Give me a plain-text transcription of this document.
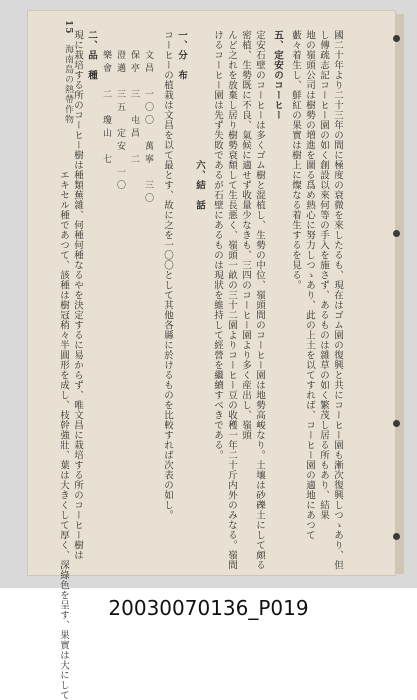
15 海南島の熱帶作物	國二十年より二十三年の間に極度の衰微を來したるも、現在はゴム園の復興と共にコーヒー園も漸次復興しつゝあり、但
し傳疏志記コーヒー園の如く創設以來何等の手入を施さず、あるものは雜草の如く繁茂し居る所もあり、結果
地の嶺頭公司は樹勢の増進を圖る爲め熱心に努力しつゝあり、此の上土を以てすれば、コーヒー園の適地にあつて
藪々着生し、鮮紅の果實は樹上に燦なる着生するを見る。
五、定安のコーヒー
定安石壁のコーヒーは多くゴム樹と混植し、生勢の中位、嶺頭間のコーヒー園は地勢高峻なり。土壤は砂礫土にして頗る
密植、生勢既に不良、氣候に適せず收量少なきも、三四のコーヒー園より多く産出し、嶺頭
んど之れを放棄し居り樹勢衰頽して生長悪く、嶺頭一畝の三十二園よりコーヒー豆の收穫一年二十斤内外のみなる。嶺間
けるコーヒー園は先ず失敗であるが石壁にあるものは現狀を維持して經營を繼續すべきである。
六、結　話
一、分　布
コーヒーの植栽は文昌を以て最とす、故に之を一〇〇として其他各縣に於けるものを比較すれば次表の如し。
文昌　一〇〇　萬寧　三〇
保亭　三　屯昌　二
澄邁　三五　定安　一〇
樂會　二　瓊山　七
二、品　種
現に栽培する所のコーヒー樹は種類蕪雜、何種何種なるやを決定するに易からず、唯文昌に栽培する所のコーヒー樹は
エキセル種であつて、該種は樹冠稍々半圓形を成し、枝幹強壯、葉は大きくして厚く、深綠色を呈す、果實は大にして	20030070136_P019
